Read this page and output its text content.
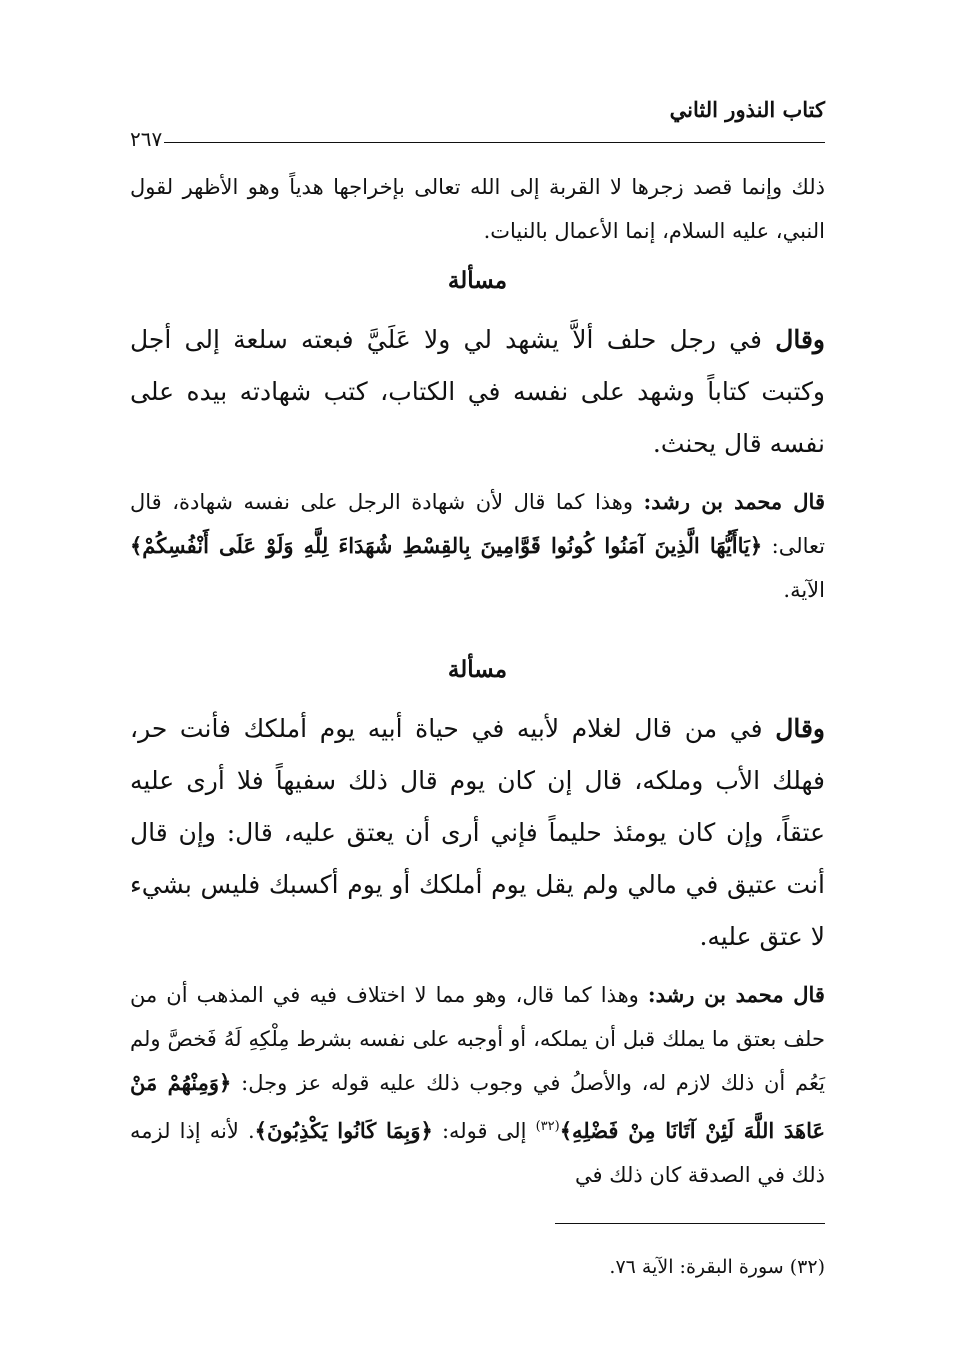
كتاب النذور الثاني

٢٦٧

ذلك وإنما قصد زجرها لا القربة إلى الله تعالى بإخراجها هدياً وهو الأظهر لقول النبي، عليه السلام، إنما الأعمال بالنيات.

مسألة

وقال في رجل حلف ألاَّ يشهد لي ولا عَلَيَّ فبعته سلعة إلى أجل وكتبت كتاباً وشهد على نفسه في الكتاب، كتب شهادته بيده على نفسه قال يحنث.

قال محمد بن رشد: وهذا كما قال لأن شهادة الرجل على نفسه شهادة، قال تعالى: ﴿يَاأَيُّهَا الَّذِينَ آمَنُوا كُونُوا قَوَّامِينَ بِالقِسْطِ شُهَدَاءَ لِلَّهِ وَلَوْ عَلَى أَنْفُسِكُمْ﴾ الآية.

مسألة

وقال في من قال لغلام لأبيه في حياة أبيه يوم أملكك فأنت حر، فهلك الأب وملكه، قال إن كان يوم قال ذلك سفيهاً فلا أرى عليه عتقاً، وإن كان يومئذ حليماً فإني أرى أن يعتق عليه، قال: وإن قال أنت عتيق في مالي ولم يقل يوم أملكك أو يوم أكسبك فليس بشيء لا عتق عليه.

قال محمد بن رشد: وهذا كما قال، وهو مما لا اختلاف فيه في المذهب أن من حلف بعتق ما يملك قبل أن يملكه، أو أوجبه على نفسه بشرط مِلْكِهِ لَهُ فَخصَّ ولم يَعُم أن ذلك لازم له، والأصلُ في وجوب ذلك عليه قوله عز وجل: ﴿وَمِنْهُمْ مَنْ عَاهَدَ اللَّهَ لَئِنْ آتَانَا مِنْ فَضْلِهِ﴾$^{(٣٢)}$ إلى قوله: ﴿وَبِمَا كَانُوا يَكْذِبُونَ﴾. لأنه إذا لزمه ذلك في الصدقة كان ذلك في

(٣٢) سورة البقرة: الآية ٧٦.
